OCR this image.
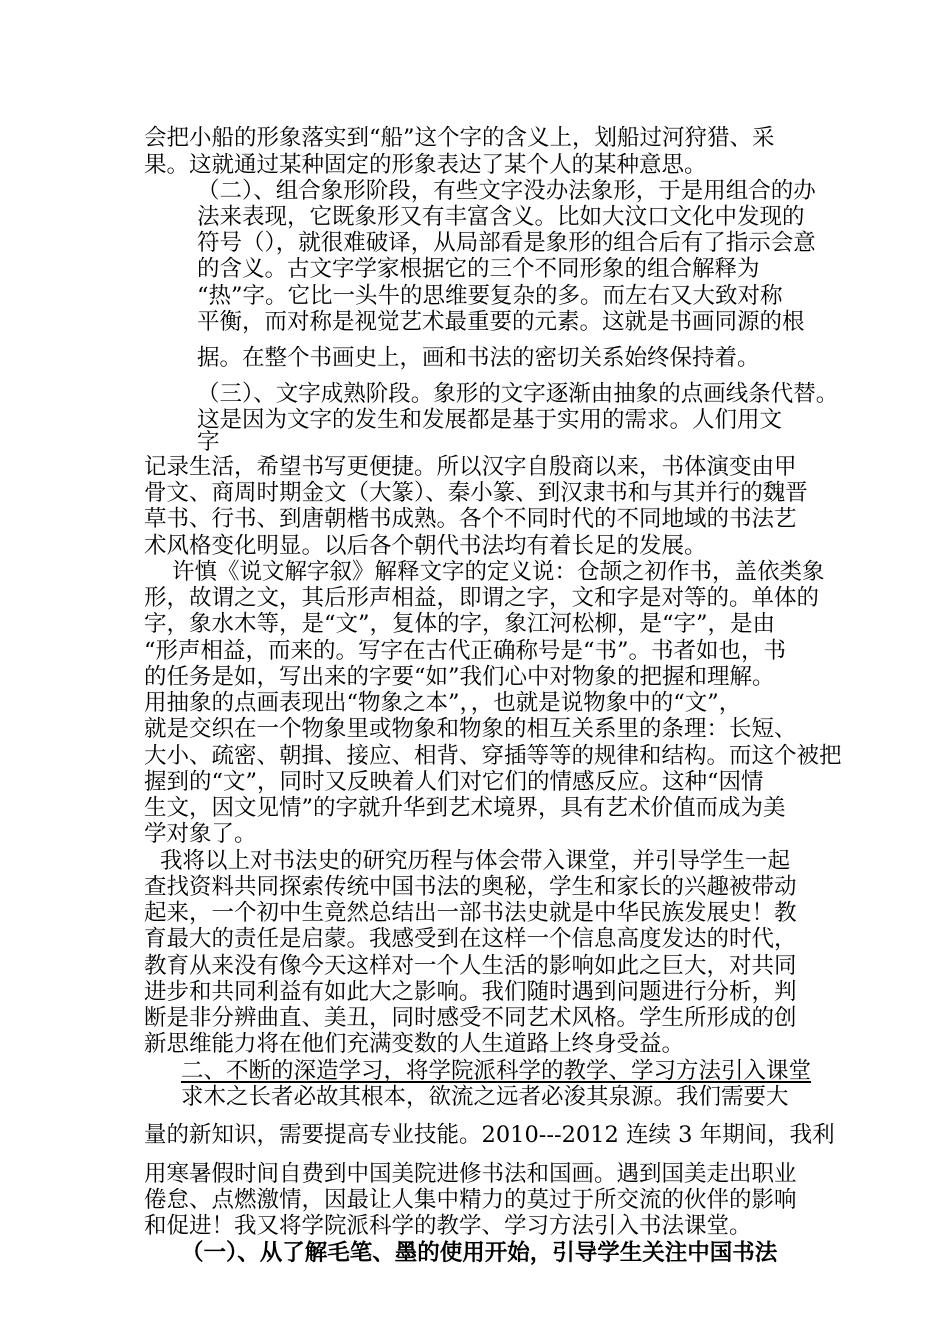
会把小船的形象落实到“船”这个字的含义上，划船过河狩猎、采
果。这就通过某种固定的形象表达了某个人的某种意思。
（二）、组合象形阶段，有些文字没办法象形，于是用组合的办
法来表现，它既象形又有丰富含义。比如大汶口文化中发现的
符号（），就很难破译，从局部看是象形的组合后有了指示会意
的含义。古文字学家根据它的三个不同形象的组合解释为
“热”字。它比一头牛的思维要复杂的多。而左右又大致对称
平衡，而对称是视觉艺术最重要的元素。这就是书画同源的根
据。在整个书画史上，画和书法的密切关系始终保持着。
（三）、文字成熟阶段。象形的文字逐渐由抽象的点画线条代替。
这是因为文字的发生和发展都是基于实用的需求。人们用文
字
记录生活，希望书写更便捷。所以汉字自殷商以来，书体演变由甲
骨文、商周时期金文（大篆）、秦小篆、到汉隶书和与其并行的魏晋
草书、行书、到唐朝楷书成熟。各个不同时代的不同地域的书法艺
术风格变化明显。以后各个朝代书法均有着长足的发展。
许慎《说文解字叙》解释文字的定义说：仓颉之初作书，盖依类象
形，故谓之文，其后形声相益，即谓之字，文和字是对等的。单体的
字，象水木等，是“文”，复体的字，象江河松柳，是“字”，是由
“形声相益，而来的。写字在古代正确称号是“书”。书者如也，书
的任务是如，写出来的字要“如”我们心中对物象的把握和理解。
用抽象的点画表现出“物象之本”，，也就是说物象中的“文”，
就是交织在一个物象里或物象和物象的相互关系里的条理：长短、
大小、疏密、朝揖、接应、相背、穿插等等的规律和结构。而这个被把
握到的“文”，同时又反映着人们对它们的情感反应。这种“因情
生文，因文见情”的字就升华到艺术境界，具有艺术价值而成为美
学对象了。
我将以上对书法史的研究历程与体会带入课堂，并引导学生一起
查找资料共同探索传统中国书法的奥秘，学生和家长的兴趣被带动
起来，一个初中生竟然总结出一部书法史就是中华民族发展史！教
育最大的责任是启蒙。我感受到在这样一个信息高度发达的时代，
教育从来没有像今天这样对一个人生活的影响如此之巨大，对共同
进步和共同利益有如此大之影响。我们随时遇到问题进行分析，判
断是非分辨曲直、美丑，同时感受不同艺术风格。学生所形成的创
新思维能力将在他们充满变数的人生道路上终身受益。
二、不断的深造学习，将学院派科学的教学、学习方法引入课堂
求木之长者必故其根本，欲流之远者必浚其泉源。我们需要大
量的新知识，需要提高专业技能。2010---2012 连续 3 年期间，我利
用寒暑假时间自费到中国美院进修书法和国画。遇到国美走出职业
倦怠、点燃激情，因最让人集中精力的莫过于所交流的伙伴的影响
和促进！我又将学院派科学的教学、学习方法引入书法课堂。
（一）、从了解毛笔、墨的使用开始，引导学生关注中国书法
